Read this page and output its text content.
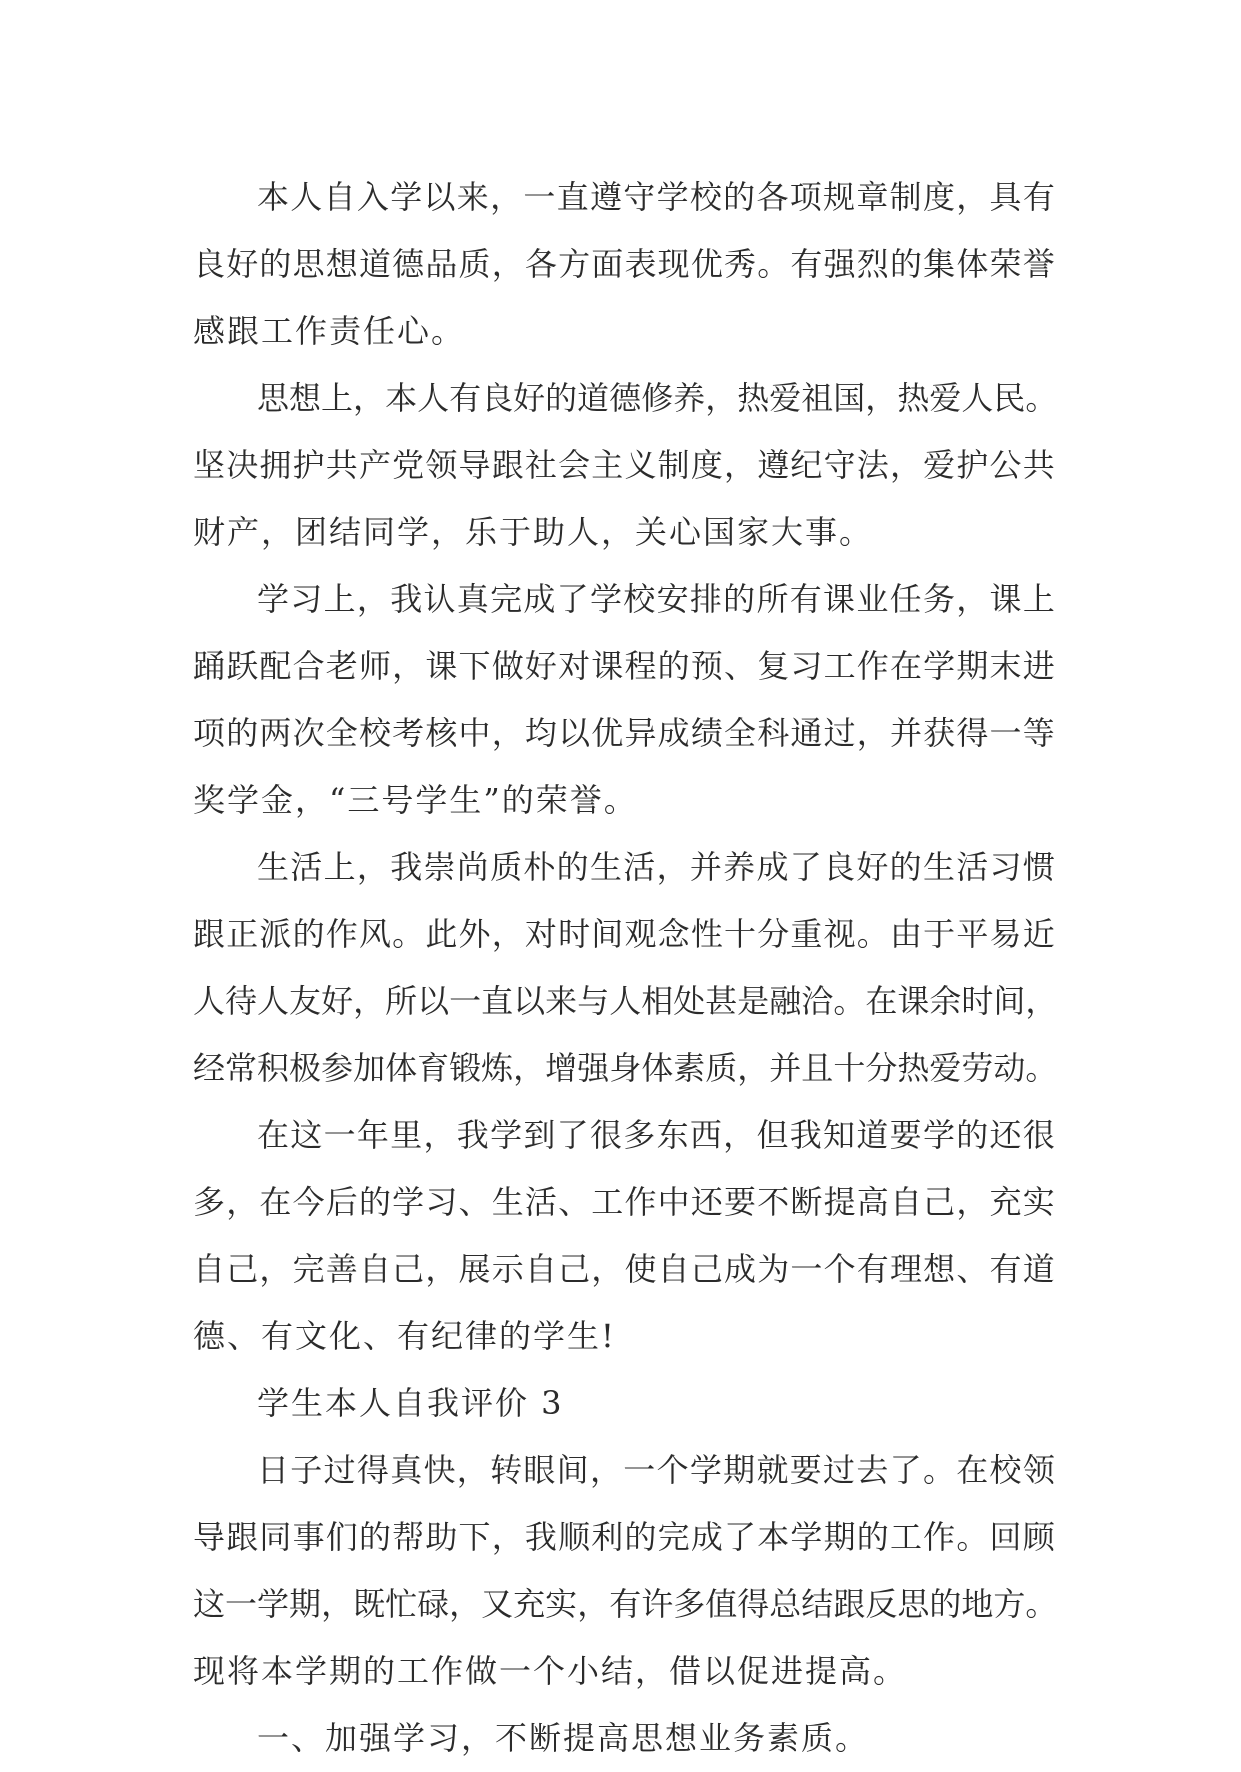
本 人 自 入 学 以 来 ， 一 直 遵 守 学 校 的 各 项 规 章 制 度 ， 具 有
良 好 的 思 想 道 德 品 质 ， 各 方 面 表 现 优 秀 。 有 强 烈 的 集 体 荣 誉
感跟工作责任心。
思 想 上 ， 本 人 有 良 好 的 道 德 修 养 ， 热 爱 祖 国 ， 热 爱 人 民 。
坚 决 拥 护 共 产 党 领 导 跟 社 会 主 义 制 度 ， 遵 纪 守 法 ， 爱 护 公 共
财产，团结同学，乐于助人，关心国家大事。
学 习 上 ， 我 认 真 完 成 了 学 校 安 排 的 所 有 课 业 任 务 ， 课 上
踊 跃 配 合 老 师 ， 课 下 做 好 对 课 程 的 预 、 复 习 工 作 在 学 期 末 进
项 的 两 次 全 校 考 核 中 ， 均 以 优 异 成 绩 全 科 通 过 ， 并 获 得 一 等
奖学金，“三号学生”的荣誉。
生 活 上 ， 我 崇 尚 质 朴 的 生 活 ， 并 养 成 了 良 好 的 生 活 习 惯
跟 正 派 的 作 风 。 此 外 ， 对 时 间 观 念 性 十 分 重 视 。 由 于 平 易 近
人 待 人 友 好 ， 所 以 一 直 以 来 与 人 相 处 甚 是 融 洽 。 在 课 余 时 间 ，
经 常 积 极 参 加 体 育 锻 炼 ， 增 强 身 体 素 质 ， 并 且 十 分 热 爱 劳 动 。
在 这 一 年 里 ， 我 学 到 了 很 多 东 西 ， 但 我 知 道 要 学 的 还 很
多 ， 在 今 后 的 学 习 、 生 活 、 工 作 中 还 要 不 断 提 高 自 己 ， 充 实
自 己 ， 完 善 自 己 ， 展 示 自 己 ， 使 自 己 成 为 一 个 有 理 想 、 有 道
德、有文化、有纪律的学生!
学生本人自我评价 3
日 子 过 得 真 快 ， 转 眼 间 ， 一 个 学 期 就 要 过 去 了 。 在 校 领
导 跟 同 事 们 的 帮 助 下 ， 我 顺 利 的 完 成 了 本 学 期 的 工 作 。 回 顾
这 一 学 期 ， 既 忙 碌 ， 又 充 实 ， 有 许 多 值 得 总 结 跟 反 思 的 地 方 。
现将本学期的工作做一个小结，借以促进提高。
一、加强学习，不断提高思想业务素质。
